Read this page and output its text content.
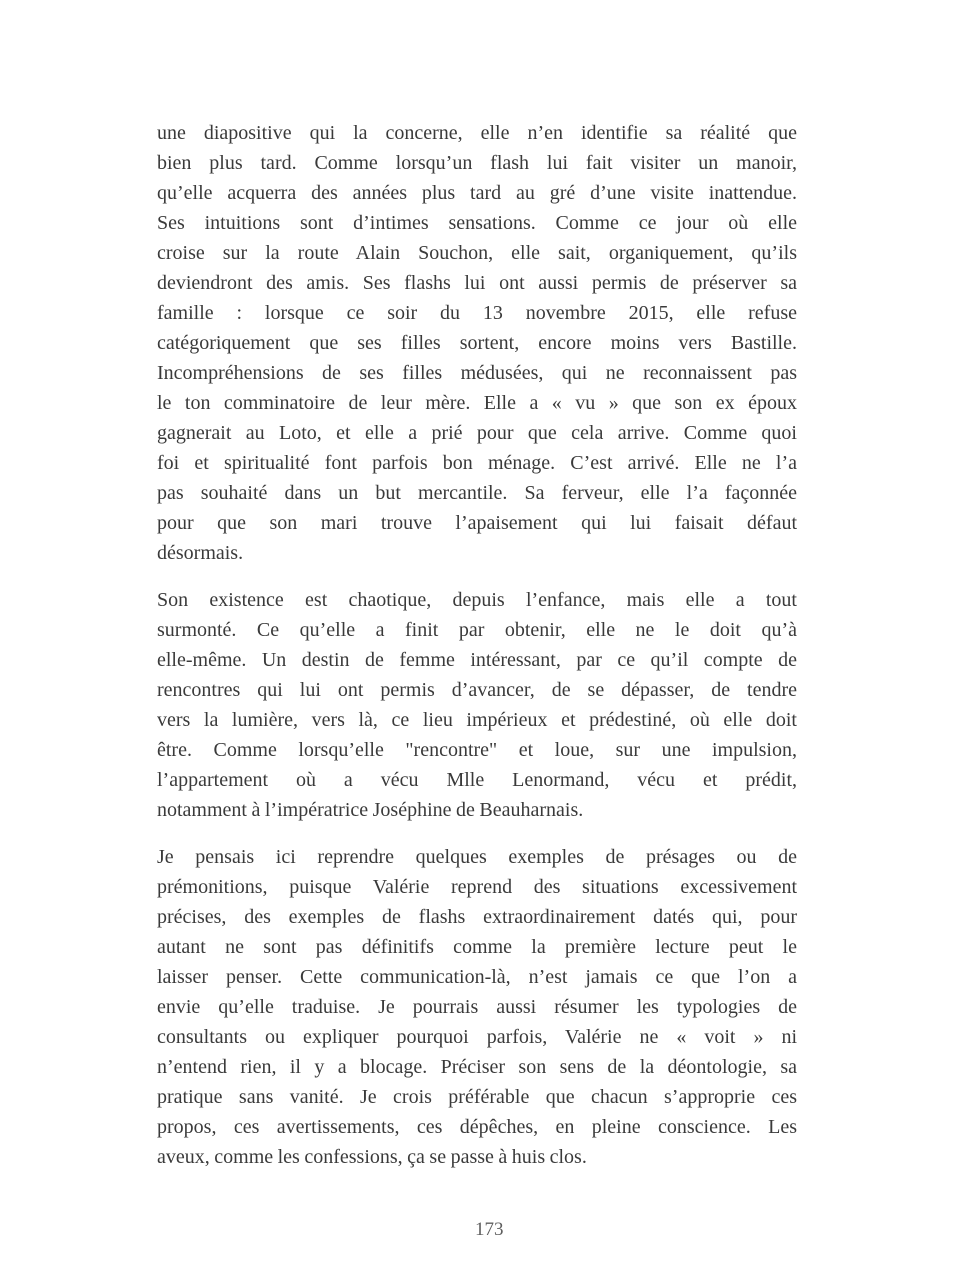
une diapositive qui la concerne, elle n’en identifie sa réalité que
bien plus tard. Comme lorsqu’un flash lui fait visiter un manoir,
qu’elle acquerra des années plus tard au gré d’une visite inattendue.
Ses intuitions sont d’intimes sensations. Comme ce jour où elle
croise sur la route Alain Souchon, elle sait, organiquement, qu’ils
deviendront des amis. Ses flashs lui ont aussi permis de préserver sa
famille : lorsque ce soir du 13 novembre 2015, elle refuse
catégoriquement que ses filles sortent, encore moins vers Bastille.
Incompréhensions de ses filles médusées, qui ne reconnaissent pas
le ton comminatoire de leur mère. Elle a « vu » que son ex époux
gagnerait au Loto, et elle a prié pour que cela arrive. Comme quoi
foi et spiritualité font parfois bon ménage. C’est arrivé. Elle ne l’a
pas souhaité dans un but mercantile. Sa ferveur, elle l’a façonnée
pour que son mari trouve l’apaisement qui lui faisait défaut
désormais.
Son existence est chaotique, depuis l’enfance, mais elle a tout
surmonté. Ce qu’elle a finit par obtenir, elle ne le doit qu’à
elle-même. Un destin de femme intéressant, par ce qu’il compte de
rencontres qui lui ont permis d’avancer, de se dépasser, de tendre
vers la lumière, vers là, ce lieu impérieux et prédestiné, où elle doit
être. Comme lorsqu’elle "rencontre" et loue, sur une impulsion,
l’appartement où a vécu Mlle Lenormand, vécu et prédit,
notamment à l’impératrice Joséphine de Beauharnais.
Je pensais ici reprendre quelques exemples de présages ou de
prémonitions, puisque Valérie reprend des situations excessivement
précises, des exemples de flashs extraordinairement datés qui, pour
autant ne sont pas définitifs comme la première lecture peut le
laisser penser. Cette communication-là, n’est jamais ce que l’on a
envie qu’elle traduise. Je pourrais aussi résumer les typologies de
consultants ou expliquer pourquoi parfois, Valérie ne « voit » ni
n’entend rien, il y a blocage. Préciser son sens de la déontologie, sa
pratique sans vanité. Je crois préférable que chacun s’approprie ces
propos, ces avertissements, ces dépêches, en pleine conscience. Les
aveux, comme les confessions, ça se passe à huis clos.
173
